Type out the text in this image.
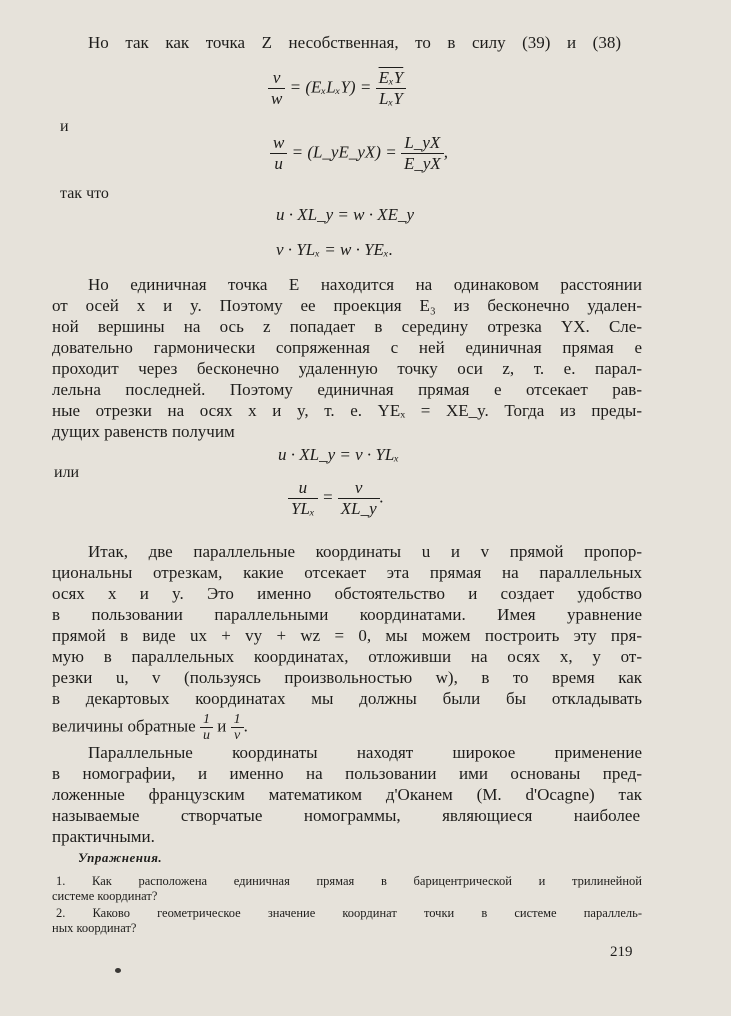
Но так как точка Z несобственная, то в силу (39) и (38)
$\frac{v}{w} = (E_xL_xY) = \frac{\overline{E_xY}}{\text{LₓY}}$
и
$\frac{w}{u}$ = (L_yE_yX) = $\frac{L\_yX}{E\_yX}$ ,
так что
u · XL_y = w · XE_y
v · YLₓ = w · YEₓ.
Но единичная точка E находится на одинаковом расстоянии
от осей x и y. Поэтому ее проекция E₃ из бесконечно удален-
ной вершины на ось z попадает в середину отрезка YX. Сле-
довательно гармонически сопряженная с ней единичная прямая e
проходит через бесконечно удаленную точку оси z, т. е. парал-
лельна последней. Поэтому единичная прямая e отсекает рав-
ные отрезки на осях x и y, т. е. YEₓ = XE_y. Тогда из преды-
дущих равенств получим
u · XL_y = v · YLₓ
или
$\frac{u}{\text{YLₓ}} = \frac{v}{XL\_y}$ .
Итак, две параллельные координаты u и v прямой пропор-
циональны отрезкам, какие отсекает эта прямая на параллельных
осях x и y. Это именно обстоятельство и создает удобство
в пользовании параллельными координатами. Имея уравнение
прямой в виде ux + vy + wz = 0, мы можем построить эту пря-
мую в параллельных координатах, отложивши на осях x, y от-
резки u, v (пользуясь произвольностью w), в то время как
в декартовых координатах мы должны были бы откладывать
величины обратные $\frac{1}{u}$ и $\frac{1}{v}$ .
Параллельные координаты находят широкое применение
в номографии, и именно на пользовании ими основаны пред-
ложенные французским математиком д'Оканем (M. d'Ocagne) так
называемые створчатые номограммы, являющиеся наиболее
практичными.
Упражнения.
1. Как расположена единичная прямая в барицентрической и трилинейной
системе координат?
2. Каково геометрическое значение координат точки в системе параллель-
ных координат?
219
